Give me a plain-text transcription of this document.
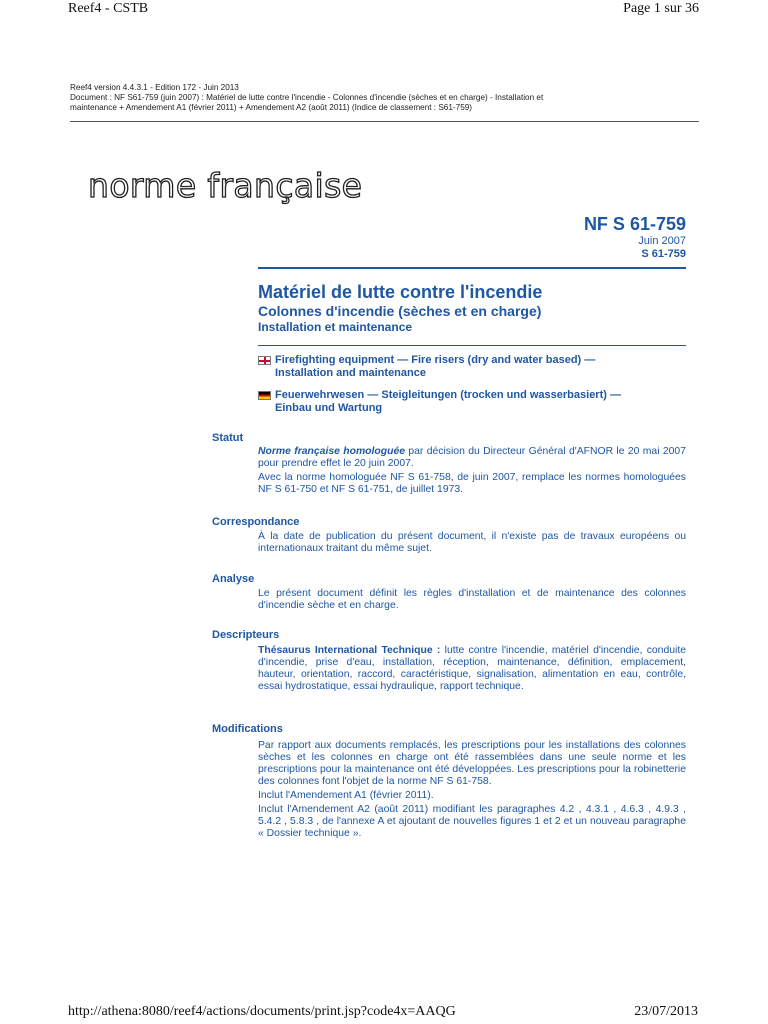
Reef4 - CSTB	Page 1 sur 36
Reef4 version 4.4.3.1 - Edition 172 - Juin 2013
Document : NF S61-759 (juin 2007) : Matériel de lutte contre l'incendie - Colonnes d'incendie (sèches et en charge) - Installation et
maintenance + Amendement A1 (février 2011) + Amendement A2 (août 2011) (Indice de classement : S61-759)
norme française
NF S 61-759
Juin 2007
S 61-759
Matériel de lutte contre l'incendie
Colonnes d'incendie (sèches et en charge)
Installation et maintenance
Firefighting equipment — Fire risers (dry and water based) —
Installation and maintenance
Feuerwehrwesen — Steigleitungen (trocken und wasserbasiert) —
Einbau und Wartung
Statut

Norme française homologuée par décision du Directeur Général d'AFNOR le 20 mai 2007 pour prendre effet le 20 juin 2007.

Avec la norme homologuée NF S 61-758, de juin 2007, remplace les normes homologuées NF S 61-750 et NF S 61-751, de juillet 1973.

Correspondance

À la date de publication du présent document, il n'existe pas de travaux européens ou internationaux traitant du même sujet.

Analyse

Le présent document définit les règles d'installation et de maintenance des colonnes d'incendie sèche et en charge.

Descripteurs

Thésaurus International Technique : lutte contre l'incendie, matériel d'incendie, conduite d'incendie, prise d'eau, installation, réception, maintenance, définition, emplacement, hauteur, orientation, raccord, caractéristique, signalisation, alimentation en eau, contrôle, essai hydrostatique, essai hydraulique, rapport technique.

Modifications

Par rapport aux documents remplacés, les prescriptions pour les installations des colonnes sèches et les colonnes en charge ont été rassemblées dans une seule norme et les prescriptions pour la maintenance ont été développées. Les prescriptions pour la robinetterie des colonnes font l'objet de la norme NF S 61-758.

Inclut l'Amendement A1 (février 2011).

Inclut l'Amendement A2 (août 2011) modifiant les paragraphes 4.2 , 4.3.1 , 4.6.3 , 4.9.3 , 5.4.2 , 5.8.3 , de l'annexe A et ajoutant de nouvelles figures 1 et 2 et un nouveau paragraphe « Dossier technique ».

http://athena:8080/reef4/actions/documents/print.jsp?code4x=AAQG	23/07/2013
